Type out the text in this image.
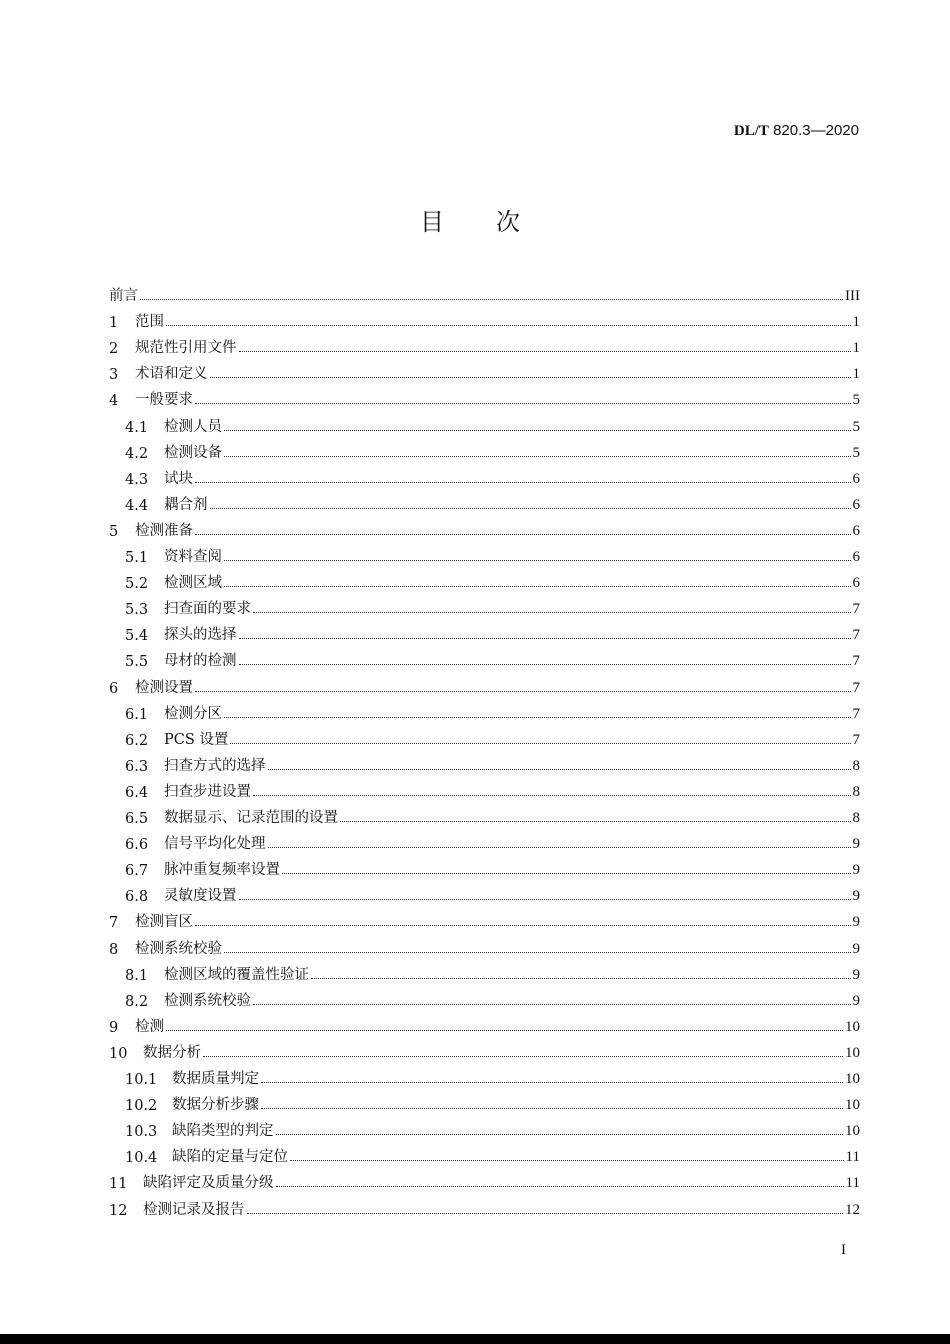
DL/T 820.3—2020
目次
前言	III
1	范围	1
2	规范性引用文件	1
3	术语和定义	1
4	一般要求	5
4.1	检测人员	5
4.2	检测设备	5
4.3	试块	6
4.4	耦合剂	6
5	检测准备	6
5.1	资料查阅	6
5.2	检测区域	6
5.3	扫查面的要求	7
5.4	探头的选择	7
5.5	母材的检测	7
6	检测设置	7
6.1	检测分区	7
6.2	PCS 设置	7
6.3	扫查方式的选择	8
6.4	扫查步进设置	8
6.5	数据显示、记录范围的设置	8
6.6	信号平均化处理	9
6.7	脉冲重复频率设置	9
6.8	灵敏度设置	9
7	检测盲区	9
8	检测系统校验	9
8.1	检测区域的覆盖性验证	9
8.2	检测系统校验	9
9	检测	10
10	数据分析	10
10.1	数据质量判定	10
10.2	数据分析步骤	10
10.3	缺陷类型的判定	10
10.4	缺陷的定量与定位	11
11	缺陷评定及质量分级	11
12	检测记录及报告	12
I
